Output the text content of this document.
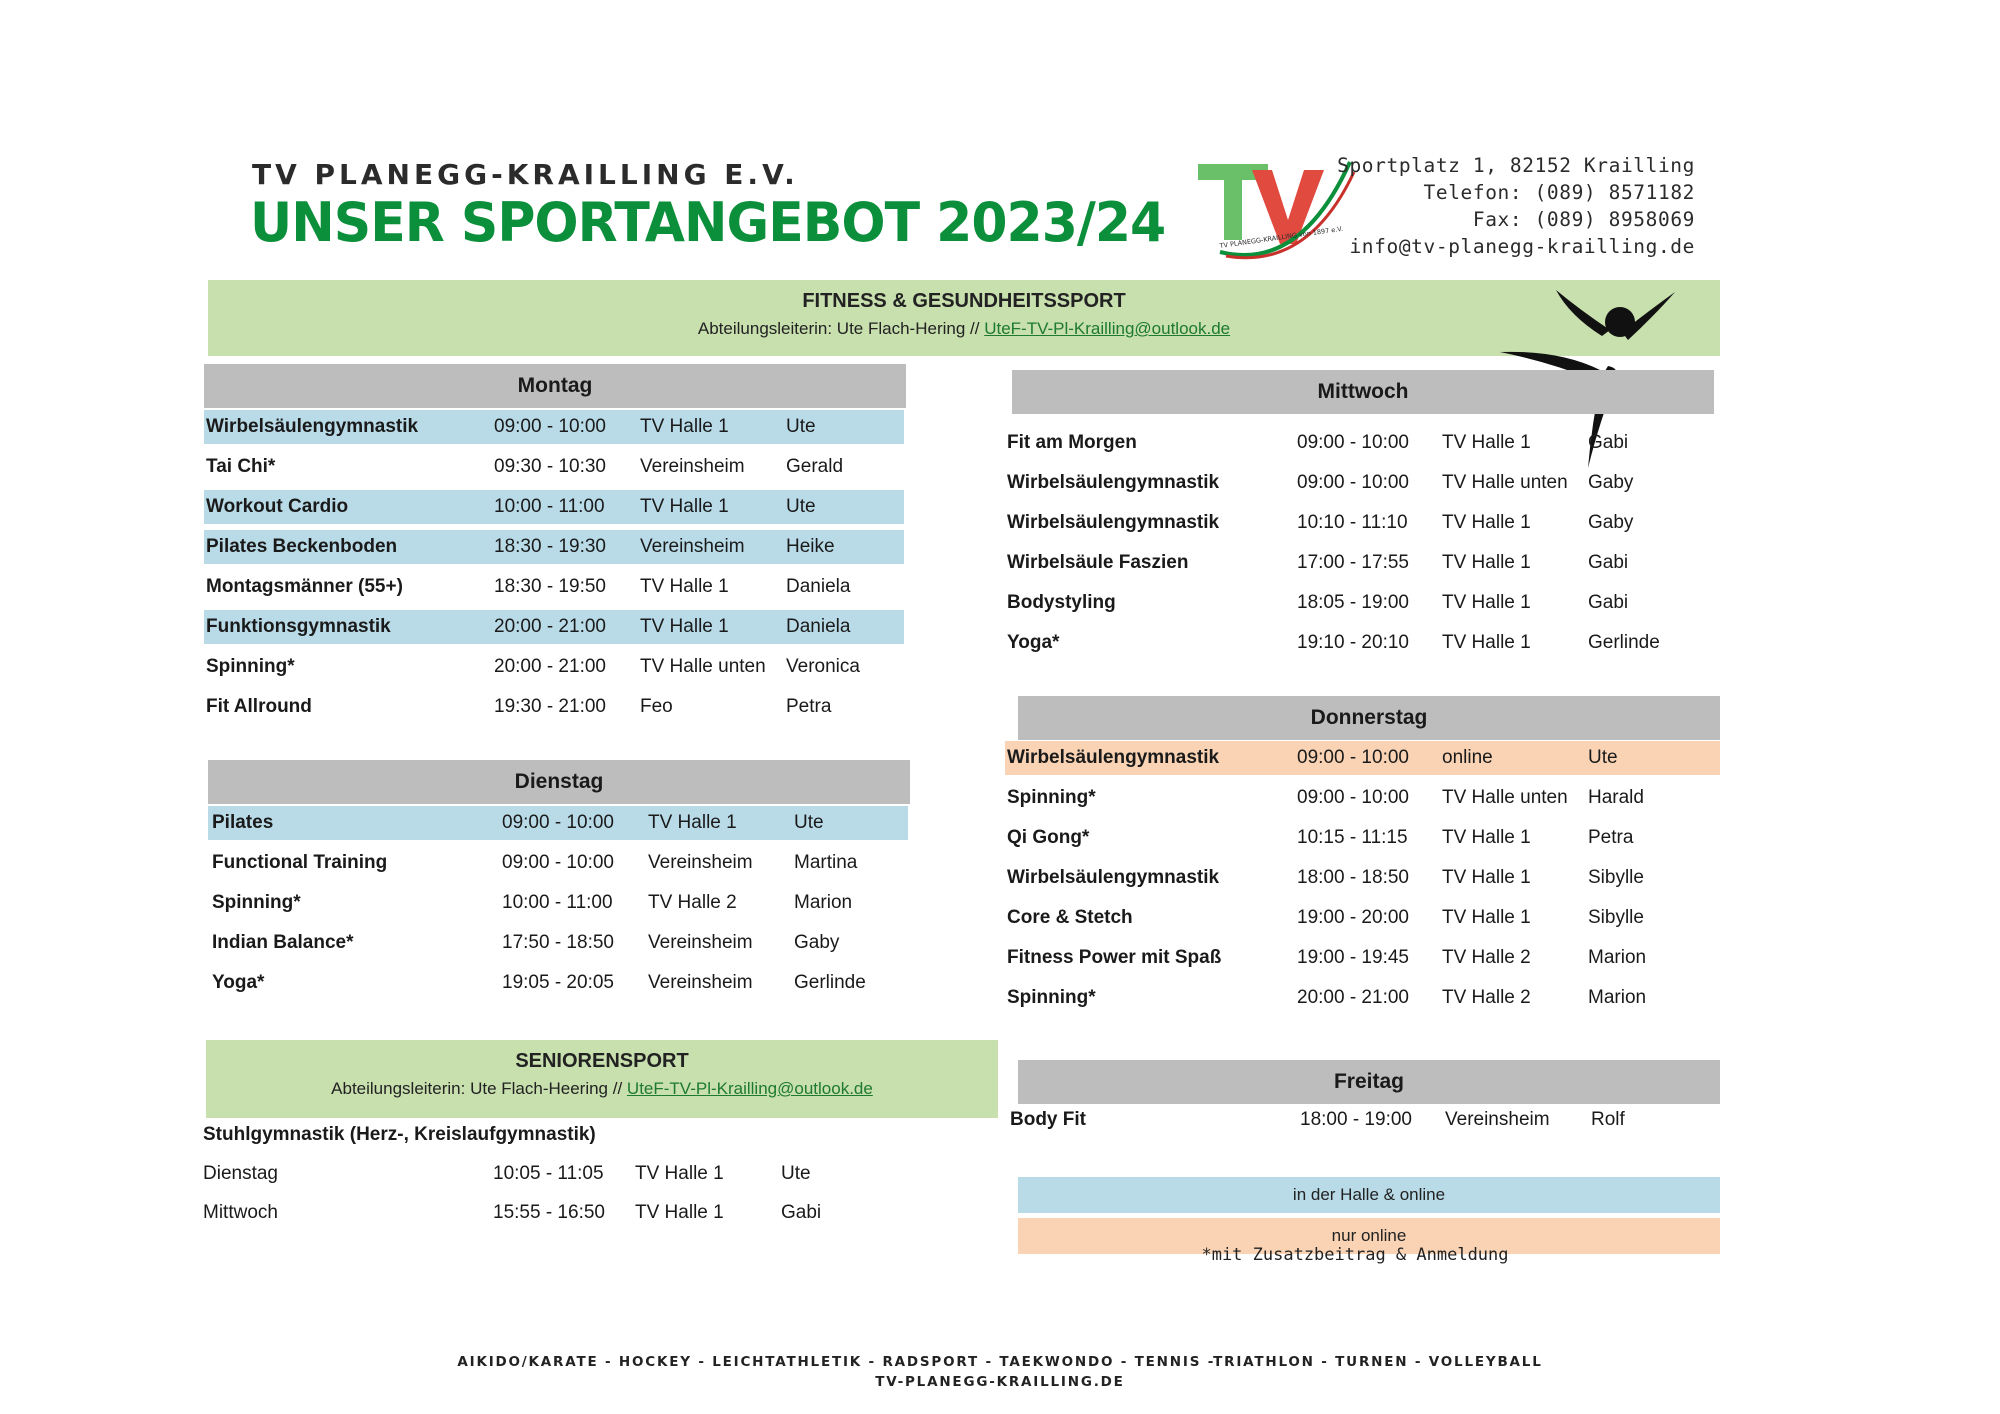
TV PLANEGG-KRAILLING E.V.
UNSER SPORTANGEBOT 2023/24	TV PLANEGG-KRAILLING von 1897 e.V.
Sportplatz 1, 82152 Krailling
Telefon: (089) 8571182
Fax: (089) 8958069
info@tv-planegg-krailling.de
FITNESS & GESUNDHEITSSPORT
Abteilungsleiterin: Ute Flach-Hering // UteF-TV-Pl-Krailling@outlook.de
Montag
Wirbelsäulengymnastik	09:00 - 10:00 TV Halle 1	Ute
Tai Chi*	09:30 - 10:30 Vereinsheim Gerald
Workout Cardio	10:00 - 11:00 TV Halle 1	Ute
Pilates Beckenboden	18:30 - 19:30 Vereinsheim Heike
Montagsmänner (55+)	18:30 - 19:50 TV Halle 1	Daniela
Funktionsgymnastik	20:00 - 21:00 TV Halle 1	Daniela
Spinning*	20:00 - 21:00 TV Halle unten Veronica
Fit Allround	19:30 - 21:00 Feo	Petra
Dienstag
Pilates	09:00 - 10:00 TV Halle 1	Ute
Functional Training	09:00 - 10:00 Vereinsheim Martina
Spinning*	10:00 - 11:00 TV Halle 2	Marion
Indian Balance*	17:50 - 18:50 Vereinsheim Gaby
Yoga*	19:05 - 20:05 Vereinsheim Gerlinde
SENIORENSPORT
Abteilungsleiterin: Ute Flach-Heering // UteF-TV-Pl-Krailling@outlook.de
Stuhlgymnastik (Herz-, Kreislaufgymnastik)
Dienstag	10:05 - 11:05 TV Halle 1	Ute
Mittwoch	15:55 - 16:50 TV Halle 1	Gabi
Mittwoch
Fit am Morgen	09:00 - 10:00 TV Halle 1	Gabi
Wirbelsäulengymnastik	09:00 - 10:00 TV Halle unten Gaby
Wirbelsäulengymnastik	10:10 - 11:10 TV Halle 1	Gaby
Wirbelsäule Faszien	17:00 - 17:55 TV Halle 1	Gabi
Bodystyling	18:05 - 19:00 TV Halle 1	Gabi
Yoga*	19:10 - 20:10 TV Halle 1	Gerlinde
Donnerstag
Wirbelsäulengymnastik	09:00 - 10:00 online	Ute
Spinning*	09:00 - 10:00 TV Halle unten Harald
Qi Gong*	10:15 - 11:15 TV Halle 1	Petra
Wirbelsäulengymnastik	18:00 - 18:50 TV Halle 1	Sibylle
Core & Stetch	19:00 - 20:00 TV Halle 1	Sibylle
Fitness Power mit Spaß	19:00 - 19:45 TV Halle 2	Marion
Spinning*	20:00 - 21:00 TV Halle 2	Marion
Freitag
Body Fit	18:00 - 19:00 Vereinsheim Rolf
in der Halle & online
nur online
*mit Zusatzbeitrag & Anmeldung
AIKIDO/KARATE - HOCKEY - LEICHTATHLETIK - RADSPORT - TAEKWONDO - TENNIS -TRIATHLON - TURNEN - VOLLEYBALL
TV-PLANEGG-KRAILLING.DE
